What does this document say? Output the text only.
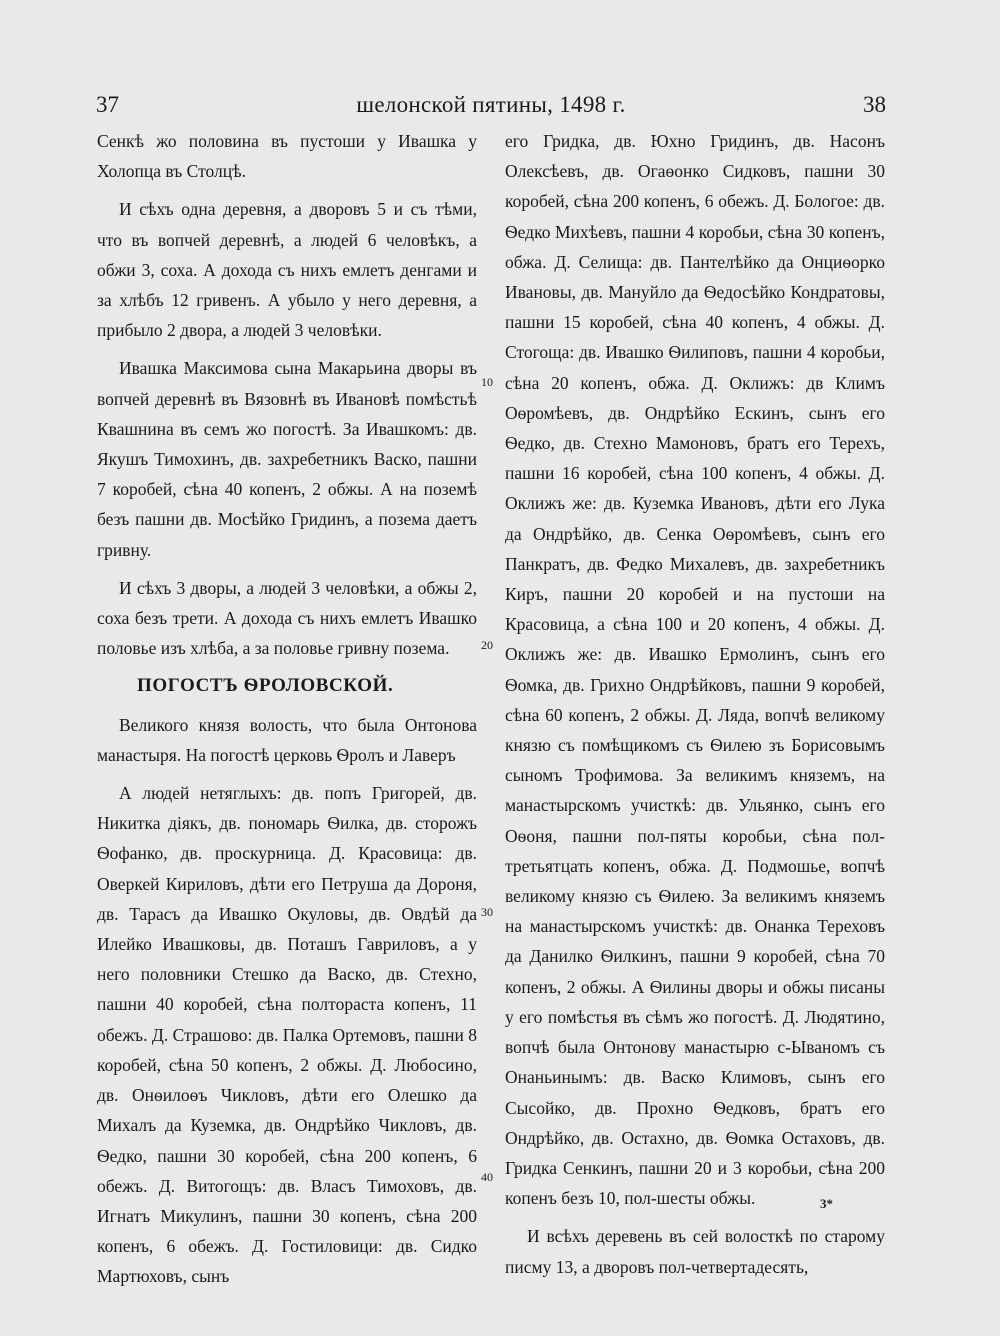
37	шелонской пятины, 1498 г.	38

Сенкѣ жо половина въ пустоши у Ивашка у Холопца въ Столцѣ.

И сѣхъ одна деревня, а дворовъ 5 и съ тѣми, что въ вопчей деревнѣ, а людей 6 человѣкъ, а обжи 3, соха. А дохода съ нихъ емлетъ денгами и за хлѣбъ 12 гривенъ. А убыло у него деревня, а прибыло 2 двора, а людей 3 человѣки.

Ивашка Максимова сына Макарьина дворы въ вопчей деревнѣ въ Вязовнѣ въ Ивановѣ помѣстьѣ Квашнина въ семъ жо погостѣ. За Ивашкомъ: дв. Якушъ Тимохинъ, дв. захребетникъ Васко, пашни 7 коробей, сѣна 40 копенъ, 2 обжы. А на поземѣ безъ пашни дв. Мосѣйко Гридинъ, а позема даетъ гривну.

И сѣхъ 3 дворы, а людей 3 человѣки, а обжы 2, соха безъ трети. А дохода съ нихъ емлетъ Ивашко половье изъ хлѣба, а за половье гривну позема.

ПОГОСТЪ ѲРОЛОВСКОЙ.

Великого князя волость, что была Онтонова манастыря. На погостѣ церковь Ѳролъ и Лаверъ

А людей нетяглыхъ: дв. попъ Григорей, дв. Никитка дiякъ, дв. пономарь Ѳилка, дв. сторожъ Ѳофанко, дв. проскурница. Д. Красовица: дв. Оверкей Кириловъ, дѣти его Петруша да Дороня, дв. Тарасъ да Ивашко Окуловы, дв. Овдѣй да Илейко Ивашковы, дв. Поташъ Гавриловъ, а у него половники Стешко да Васко, дв. Стехно, пашни 40 коробей, сѣна полтораста копенъ, 11 обежъ. Д. Страшово: дв. Палка Ортемовъ, пашни 8 коробей, сѣна 50 копенъ, 2 обжы. Д. Любосино, дв. Онѳилоѳъ Чикловъ, дѣти его Олешко да Михалъ да Куземка, дв. Ондрѣйко Чикловъ, дв. Ѳедко, пашни 30 коробей, сѣна 200 копенъ, 6 обежъ. Д. Витогощъ: дв. Власъ Тимоховъ, дв. Игнатъ Микулинъ, пашни 30 копенъ, сѣна 200 копенъ, 6 обежъ. Д. Гостиловици: дв. Сидко Мартюховъ, сынъ

его Гридка, дв. Юхно Гридинъ, дв. Насонъ Олексѣевъ, дв. Огаѳонко Сидковъ, пашни 30 коробей, сѣна 200 копенъ, 6 обежъ. Д. Бологое: дв. Ѳедко Михѣевъ, пашни 4 коробьи, сѣна 30 копенъ, обжа. Д. Селища: дв. Пантелѣйко да Онциѳорко Ивановы, дв. Мануйло да Ѳедосѣйко Кондратовы, пашни 15 коробей, сѣна 40 копенъ, 4 обжы. Д. Стогоща: дв. Ивашко Ѳилиповъ, пашни 4 коробьи, сѣна 20 копенъ, обжа. Д. Оклижъ: дв Климъ Оѳромѣевъ, дв. Ондрѣйко Ескинъ, сынъ его Ѳедко, дв. Стехно Мамоновъ, братъ его Терехъ, пашни 16 коробей, сѣна 100 копенъ, 4 обжы. Д. Оклижъ же: дв. Куземка Ивановъ, дѣти его Лука да Ондрѣйко, дв. Сенка Оѳромѣевъ, сынъ его Панкратъ, дв. Федко Михалевъ, дв. захребетникъ Киръ, пашни 20 коробей и на пустоши на Красовица, а сѣна 100 и 20 копенъ, 4 обжы. Д. Оклижъ же: дв. Ивашко Ермолинъ, сынъ его Ѳомка, дв. Грихно Ондрѣйковъ, пашни 9 коробей, сѣна 60 копенъ, 2 обжы. Д. Ляда, вопчѣ великому князю съ помѣщикомъ съ Ѳилею зъ Борисовымъ сыномъ Трофимова. За великимъ княземъ, на манастырскомъ учисткѣ: дв. Ульянко, сынъ его Оѳоня, пашни пол-пяты коробьи, сѣна пол-третьятцать копенъ, обжа. Д. Подмошье, вопчѣ великому князю съ Ѳилею. За великимъ княземъ на манастырскомъ учисткѣ: дв. Онанка Тереховъ да Данилко Ѳилкинъ, пашни 9 коробей, сѣна 70 копенъ, 2 обжы. А Ѳилины дворы и обжы писаны у его помѣстья въ сѣмъ жо погостѣ. Д. Людятино, вопчѣ была Онтонову манастырю с-Ываномъ съ Онаньинымъ: дв. Васко Климовъ, сынъ его Сысойко, дв. Прохно Ѳедковъ, братъ его Ондрѣйко, дв. Остахно, дв. Ѳомка Остаховъ, дв. Гридка Сенкинъ, пашни 20 и 3 коробьи, сѣна 200 копенъ безъ 10, пол-шесты обжы.

И всѣхъ деревень въ сей волосткѣ по старому писму 13, а дворовъ пол-четвертадесять,

10
20
30
40
3*
